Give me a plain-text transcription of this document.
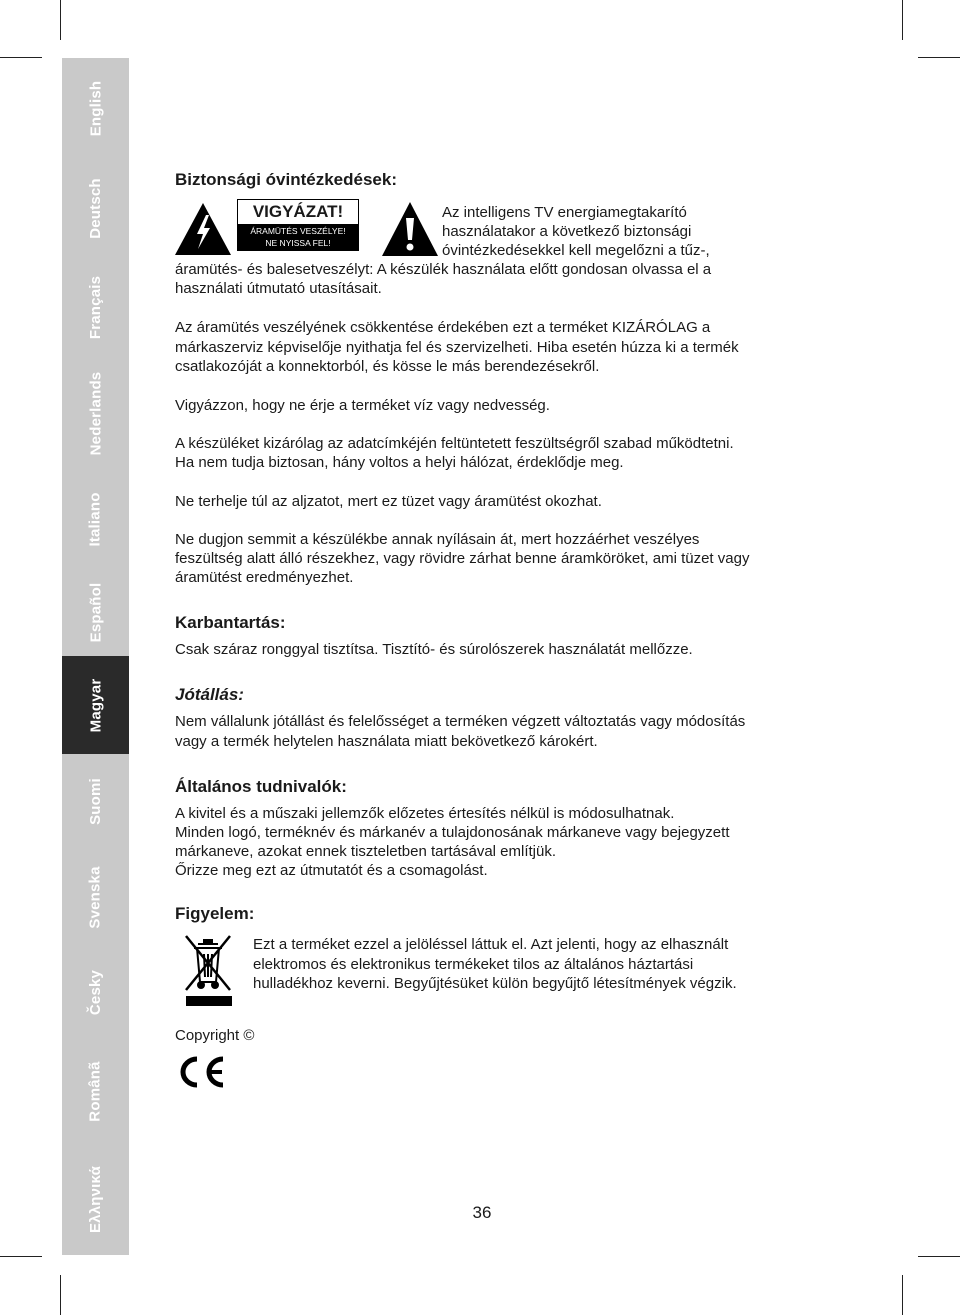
English
Deutsch
Français
Nederlands
Italiano
Español
Magyar
Suomi
Svenska
Česky
Românã
Ελληνικά
Biztonsági óvintézkedések:
VIGYÁZAT!
ÁRAMÜTÉS VESZÉLYE!
NE NYISSA FEL!
Az intelligens TV energiamegtakarító
használatakor a következő biztonsági
óvintézkedésekkel kell megelőzni a tűz-,
áramütés- és balesetveszélyt: A készülék használata előtt gondosan olvassa el a
használati útmutató utasításait.
Az áramütés veszélyének csökkentése érdekében ezt a terméket KIZÁRÓLAG a
márkaszerviz képviselője nyithatja fel és szervizelheti. Hiba esetén húzza ki a termék
csatlakozóját a konnektorból, és kösse le más berendezésekről.
Vigyázzon, hogy ne érje a terméket víz vagy nedvesség.
A készüléket kizárólag az adatcímkéjén feltüntetett feszültségről szabad működtetni.
Ha nem tudja biztosan, hány voltos a helyi hálózat, érdeklődje meg.
Ne terhelje túl az aljzatot, mert ez tüzet vagy áramütést okozhat.
Ne dugjon semmit a készülékbe annak nyílásain át, mert hozzáérhet veszélyes
feszültség alatt álló részekhez, vagy rövidre zárhat benne áramköröket, ami tüzet vagy
áramütést eredményezhet.
Karbantartás:
Csak száraz ronggyal tisztítsa. Tisztító- és súrolószerek használatát mellőzze.
Jótállás:
Nem vállalunk jótállást és felelősséget a terméken végzett változtatás vagy módosítás
vagy a termék helytelen használata miatt bekövetkező károkért.
Általános tudnivalók:
A kivitel és a műszaki jellemzők előzetes értesítés nélkül is módosulhatnak.
Minden logó, terméknév és márkanév a tulajdonosának márkaneve vagy bejegyzett
márkaneve, azokat ennek tiszteletben tartásával említjük.
Őrizze meg ezt az útmutatót és a csomagolást.
Figyelem:
Ezt a terméket ezzel a jelöléssel láttuk el. Azt jelenti, hogy az elhasznált
elektromos és elektronikus termékeket tilos az általános háztartási
hulladékhoz keverni. Begyűjtésüket külön begyűjtő létesítmények végzik.
Copyright ©
36
